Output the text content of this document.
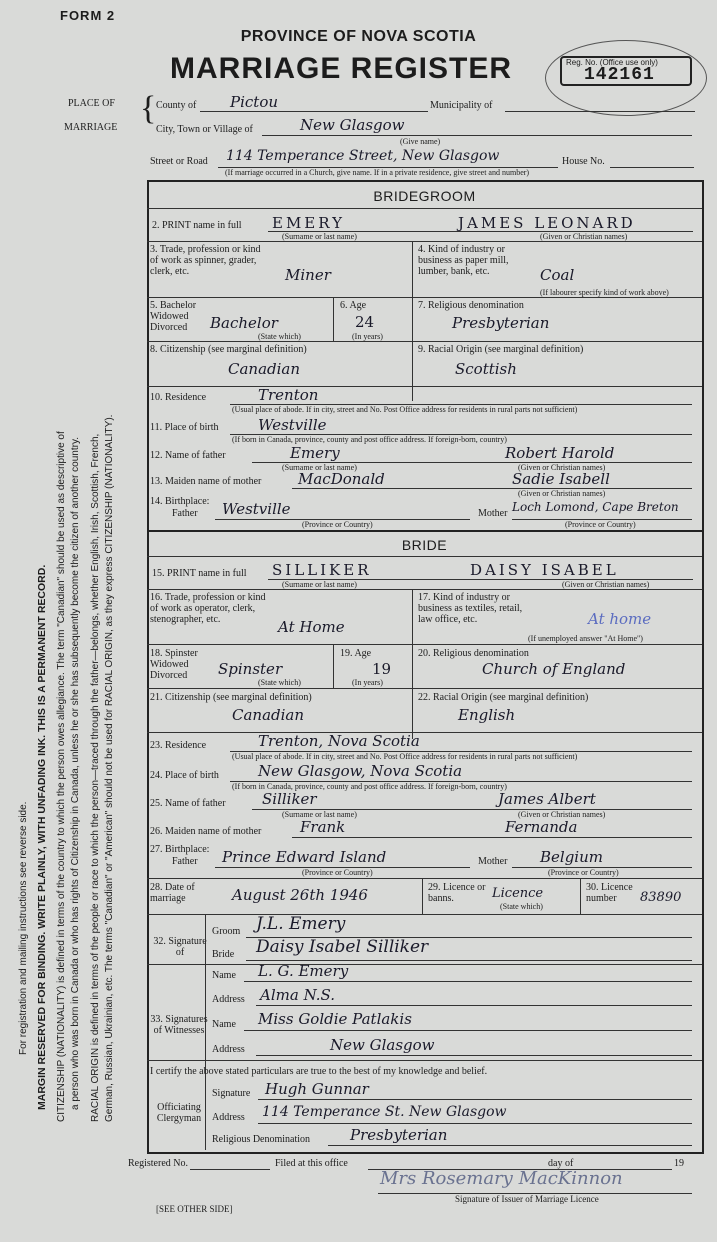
FORM 2
PROVINCE OF NOVA SCOTIA
MARRIAGE REGISTER	Reg. No. (Office use only)
142161
PLACE OF
MARRIAGE
{ County of Pictou	Municipality of
City, Town or Village of	New Glasgow
(Give name)
Street or Road 114 Temperance Street, New Glasgow	House No.
(If marriage occurred in a Church, give name. If in a private residence, give street and number)
For registration and mailing instructions see reverse side. MARGIN RESERVED FOR BINDING. WRITE PLAINLY, WITH UNFADING INK. THIS IS A PERMANENT RECORD. CITIZENSHIP (NATIONALITY) is defined in terms of the country to which the person owes allegiance. The term "Canadian" should be used as descriptive of a person who was born in Canada or who has rights of Citizenship in Canada, unless he or she has subsequently become the citizen of another country. RACIAL ORIGIN is defined in terms of the people or race to which the person—traced through the father—belongs, whether English, Irish, Scottish, French, German, Russian, Ukrainian, etc. The terms "Canadian" or "American" should not be used for RACIAL ORIGIN, as they express CITIZENSHIP (NATIONALITY).
BRIDEGROOM
2. PRINT name in full EMERY	JAMES LEONARD
(Surname or last name)	(Given or Christian names)
3. Trade, profession or kind of work as spinner, grader, clerk, etc.	Miner
4. Kind of industry or business as paper mill, lumber, bank, etc.	Coal
(If labourer specify kind of work above)
5. Bachelor Widowed Divorced	Bachelor
(State which)
6. Age
24
(In years)
7. Religious denomination
Presbyterian
8. Citizenship (see marginal definition)
Canadian
9. Racial Origin (see marginal definition)
Scottish
10. Residence	Trenton
(Usual place of abode. If in city, street and No. Post Office address for residents in rural parts not sufficient)
11. Place of birth	Westville
(If born in Canada, province, county and post office address. If foreign-born, country)
12. Name of father	Emery	Robert Harold
(Surname or last name)	(Given or Christian names)
13. Maiden name of mother MacDonald	Sadie Isabell
(Given or Christian names)
14. Birthplace:
Father Westville
(Province or Country)
Mother Loch Lomond, Cape Breton
(Province or Country)
BRIDE
15. PRINT name in full SILLIKER	DAISY ISABEL
(Surname or last name)	(Given or Christian names)
16. Trade, profession or kind of work as operator, clerk, stenographer, etc.	At Home
17. Kind of industry or business as textiles, retail, law office, etc.	At home
(If unemployed answer "At Home")
18. Spinster Widowed Divorced	Spinster
(State which)
19. Age
19
(In years)
20. Religious denomination
Church of England
21. Citizenship (see marginal definition)
Canadian
22. Racial Origin (see marginal definition)
English
23. Residence	Trenton, Nova Scotia
(Usual place of abode. If in city, street and No. Post Office address for residents in rural parts not sufficient)
24. Place of birth	New Glasgow, Nova Scotia
(If born in Canada, province, county and post office address. If foreign-born, country)
25. Name of father Silliker	James Albert
(Surname or last name)	(Given or Christian names)
26. Maiden name of mother	Frank	Fernanda
27. Birthplace:
Father Prince Edward Island
(Province or Country)
Mother Belgium
(Province or Country)
28. Date of marriage	August 26th 1946	29. Licence or banns.	Licence
(State which)
30. Licence number	83890
32. Signature of
Groom J.L. Emery
Bride Daisy Isabel Silliker
33. Signatures of Witnesses
Name L. G. Emery
Address Alma N.S.
Name Miss Goldie Patlakis
Address	New Glasgow
I certify the above stated particulars are true to the best of my knowledge and belief.
Officiating Clergyman
Signature Hugh Gunnar
Address 114 Temperance St. New Glasgow
Religious Denomination	Presbyterian
Registered No.	Filed at this office	day of	19
Mrs Rosemary MacKinnon
Signature of Issuer of Marriage Licence
[SEE OTHER SIDE]
